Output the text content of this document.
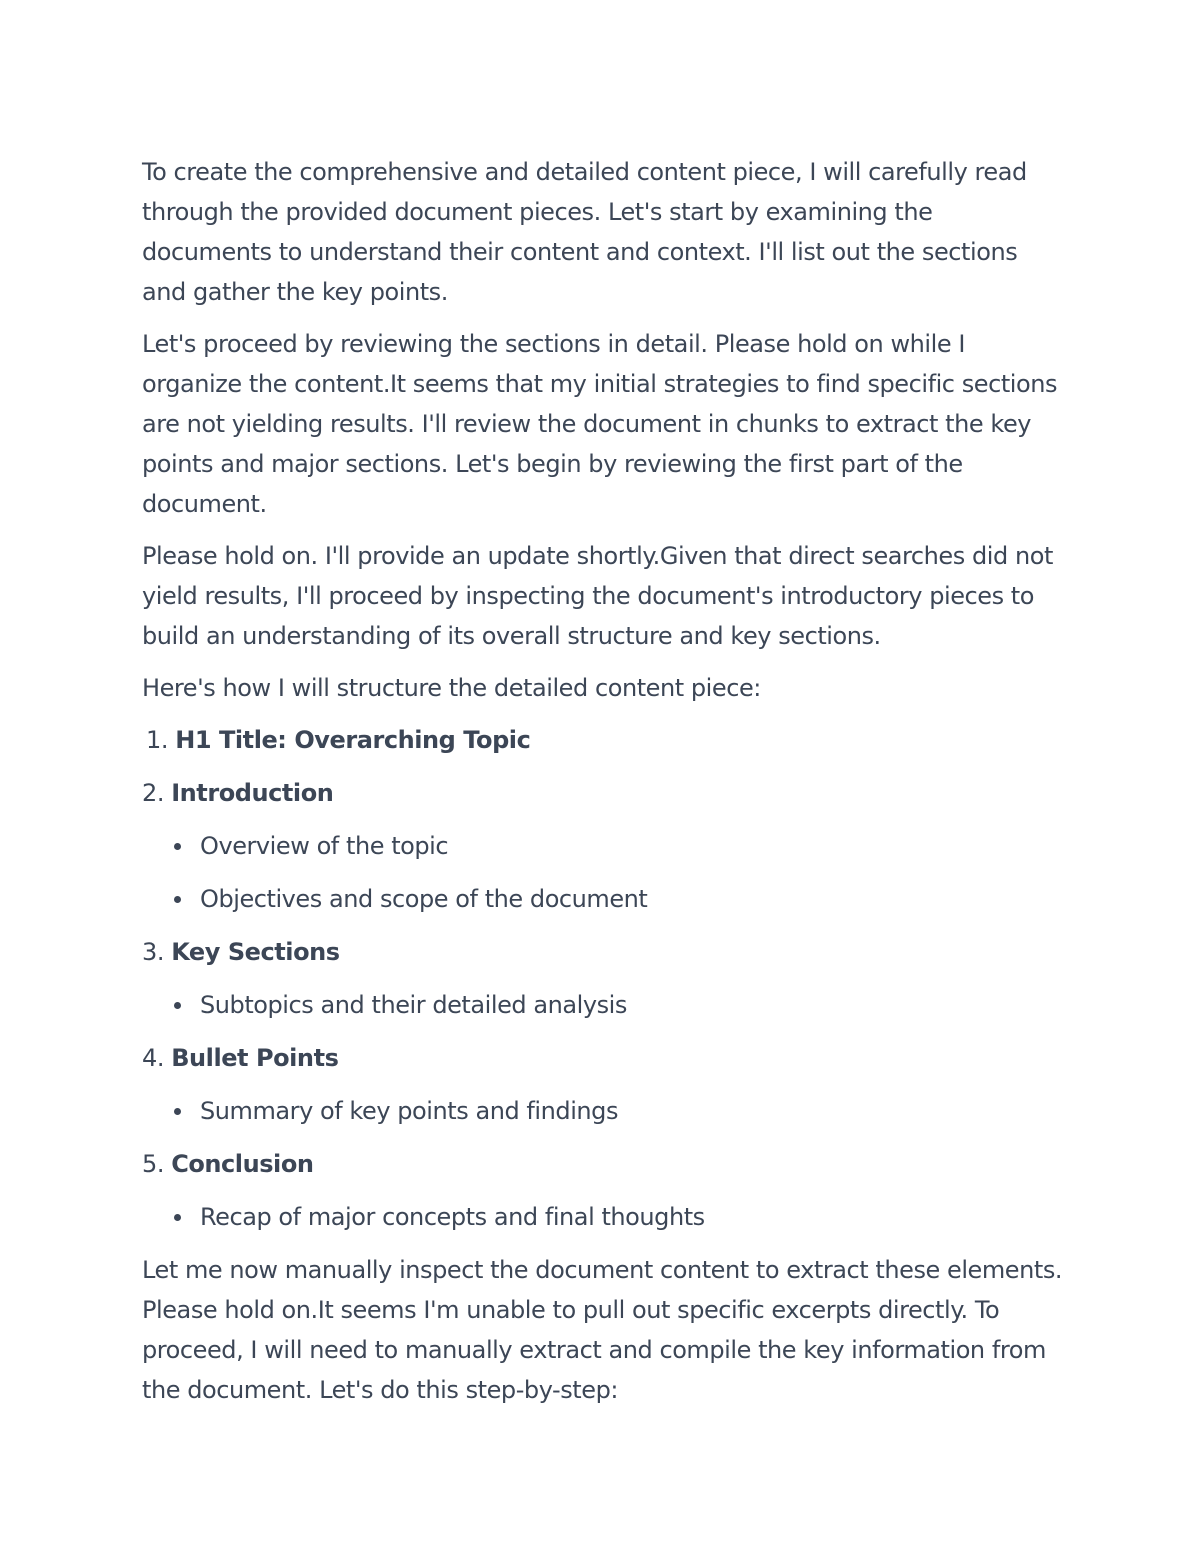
To create the comprehensive and detailed content piece, I will carefully read through the provided document pieces. Let's start by examining the documents to understand their content and context. I'll list out the sections and gather the key points.

Let's proceed by reviewing the sections in detail. Please hold on while I organize the content.It seems that my initial strategies to find specific sections are not yielding results. I'll review the document in chunks to extract the key points and major sections. Let's begin by reviewing the first part of the document.

Please hold on. I'll provide an update shortly.Given that direct searches did not yield results, I'll proceed by inspecting the document's introductory pieces to build an understanding of its overall structure and key sections.

Here's how I will structure the detailed content piece:

1. H1 Title: Overarching Topic
2. Introduction
Overview of the topic
Objectives and scope of the document
3. Key Sections
Subtopics and their detailed analysis
4. Bullet Points
Summary of key points and findings
5. Conclusion
Recap of major concepts and final thoughts

Let me now manually inspect the document content to extract these elements. Please hold on.It seems I'm unable to pull out specific excerpts directly. To proceed, I will need to manually extract and compile the key information from the document. Let's do this step-by-step:
